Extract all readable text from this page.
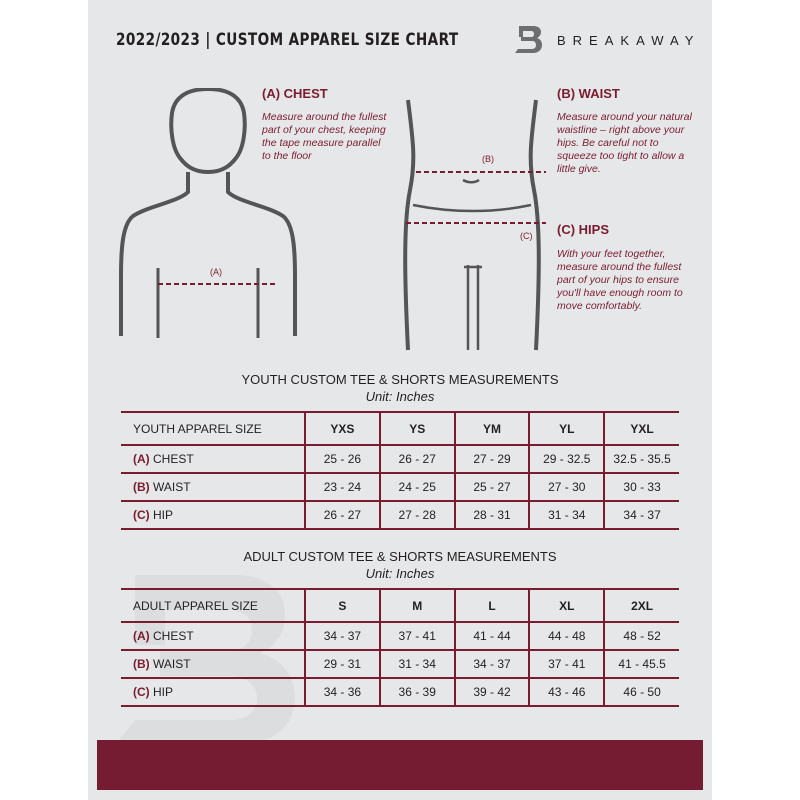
2022/2023 | CUSTOM APPAREL SIZE CHART	BREAKAWAY
(A)
(A) CHEST
Measure around the fullest part of your chest, keeping the tape measure parallel to the floor	(B)
(C)
(B) WAIST
Measure around your natural waistline – right above your hips. Be careful not to squeeze too tight to allow a little give.
(C) HIPS
With your feet together, measure around the fullest part of your hips to ensure you'll have enough room to move comfortably.
YOUTH CUSTOM TEE & SHORTS MEASUREMENTS
Unit: Inches
YOUTH APPAREL SIZE	YXS	YS	YM	YL	YXL
(A) CHEST	25 - 26	26 - 27	27 - 29	29 - 32.5	32.5 - 35.5
(B) WAIST	23 - 24	24 - 25	25 - 27	27 - 30	30 - 33
(C) HIP	26 - 27	27 - 28	28 - 31	31 - 34	34 - 37
ADULT CUSTOM TEE & SHORTS MEASUREMENTS
Unit: Inches
ADULT APPAREL SIZE	S	M	L	XL	2XL
(A) CHEST	34 - 37	37 - 41	41 - 44	44 - 48	48 - 52
(B) WAIST	29 - 31	31 - 34	34 - 37	37 - 41	41 - 45.5
(C) HIP	34 - 36	36 - 39	39 - 42	43 - 46	46 - 50
